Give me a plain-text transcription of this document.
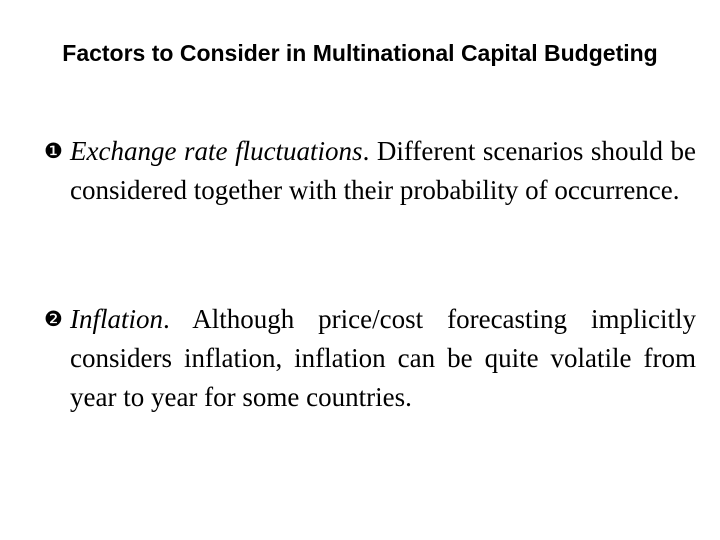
Factors to Consider in Multinational Capital Budgeting
❶ Exchange rate fluctuations. Different scenarios should be considered together with their probability of occurrence.
❷ Inflation. Although price/cost forecasting implicitly considers inflation, inflation can be quite volatile from year to year for some countries.
